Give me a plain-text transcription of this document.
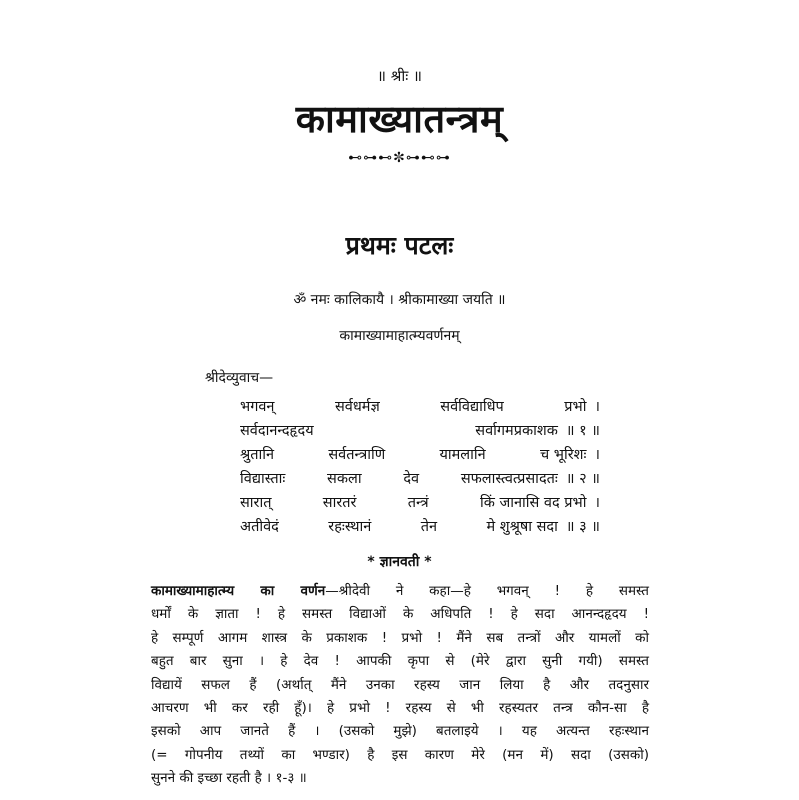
॥ श्रीः ॥
कामाख्यातन्त्रम्
⊷⊶⊷✼⊶⊷⊶
प्रथमः पटलः
ॐ नमः कालिकायै । श्रीकामाख्या जयति ॥
कामाख्यामाहात्म्यवर्णनम्
श्रीदेव्युवाच—
भगवन्	सर्वधर्मज्ञ	सर्वविद्याधिप	प्रभो ।
सर्वदानन्दहृदय	सर्वागमप्रकाशक ॥ १ ॥
श्रुतानि	सर्वतन्त्राणि	यामलानि	च भूरिशः ।
विद्यास्ताः	सकला	देव	सफलास्त्वत्प्रसादतः ॥ २ ॥
सारात्	सारतरं	तन्त्रं	किं जानासि वद प्रभो ।
अतीवेदं	रहःस्थानं	तेन	मे शुश्रूषा सदा ॥ ३ ॥
* ज्ञानवती *
कामाख्यामाहात्म्य का वर्णन—श्रीदेवी ने कहा—हे भगवन् ! हे समस्त
धर्मों के ज्ञाता ! हे समस्त विद्याओं के अधिपति ! हे सदा आनन्दहृदय !
हे सम्पूर्ण आगम शास्त्र के प्रकाशक ! प्रभो ! मैंने सब तन्त्रों और यामलों को
बहुत बार सुना । हे देव ! आपकी कृपा से (मेरे द्वारा सुनी गयी) समस्त
विद्यायें सफल हैं (अर्थात् मैंने उनका रहस्य जान लिया है और तदनुसार
आचरण भी कर रही हूँ)। हे प्रभो ! रहस्य से भी रहस्यतर तन्त्र कौन-सा है
इसको आप जानते हैं । (उसको मुझे) बतलाइये । यह अत्यन्त रहःस्थान
(= गोपनीय तथ्यों का भण्डार) है इस कारण मेरे (मन में) सदा (उसको)
सुनने की इच्छा रहती है । १-३ ॥
